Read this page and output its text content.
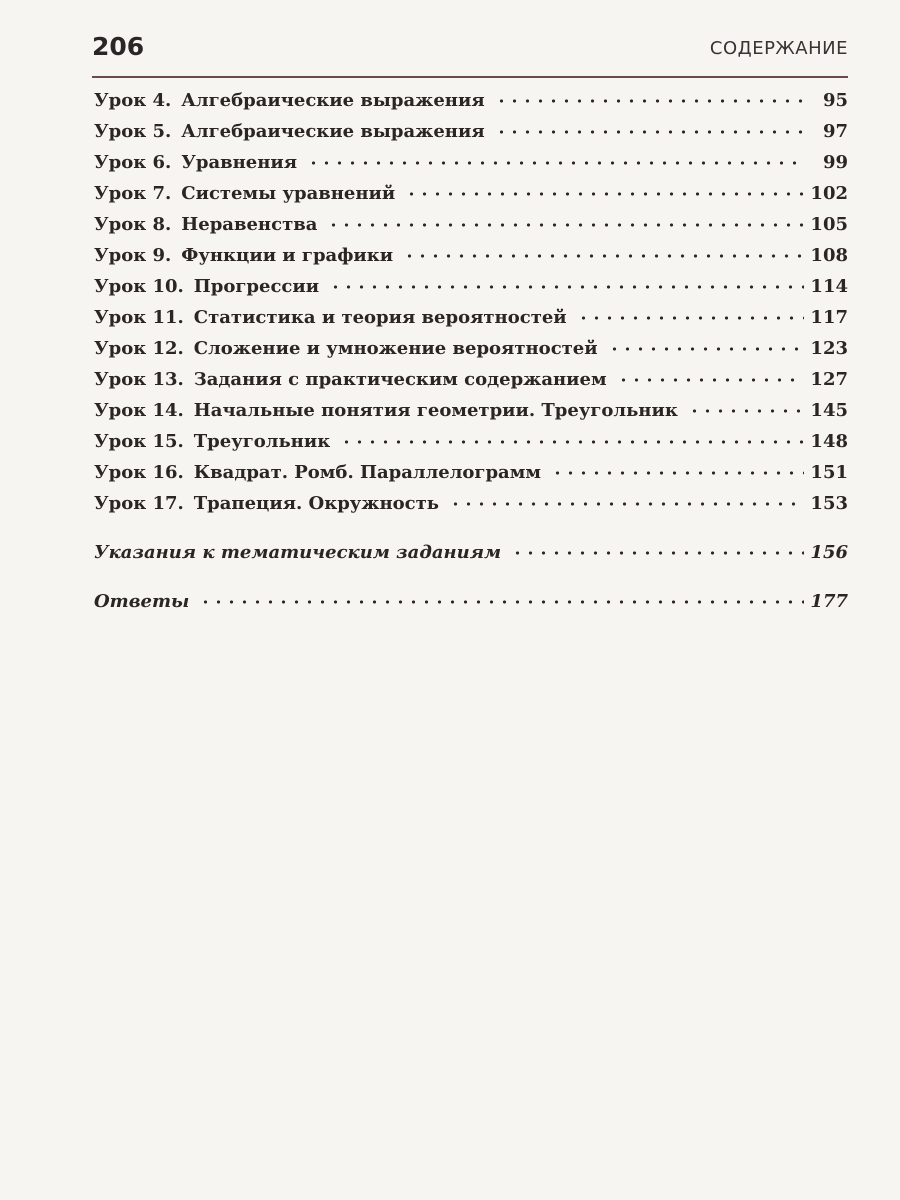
206	СОДЕРЖАНИЕ
Урок 4. Алгебраические выражения	95
Урок 5. Алгебраические выражения	97
Урок 6. Уравнения	99
Урок 7. Системы уравнений	102
Урок 8. Неравенства	105
Урок 9. Функции и графики	108
Урок 10. Прогрессии	114
Урок 11. Статистика и теория вероятностей	117
Урок 12. Сложение и умножение вероятностей	123
Урок 13. Задания с практическим содержанием	127
Урок 14. Начальные понятия геометрии. Треугольник	145
Урок 15. Треугольник	148
Урок 16. Квадрат. Ромб. Параллелограмм	151
Урок 17. Трапеция. Окружность	153
Указания к тематическим заданиям	156
Ответы	177
